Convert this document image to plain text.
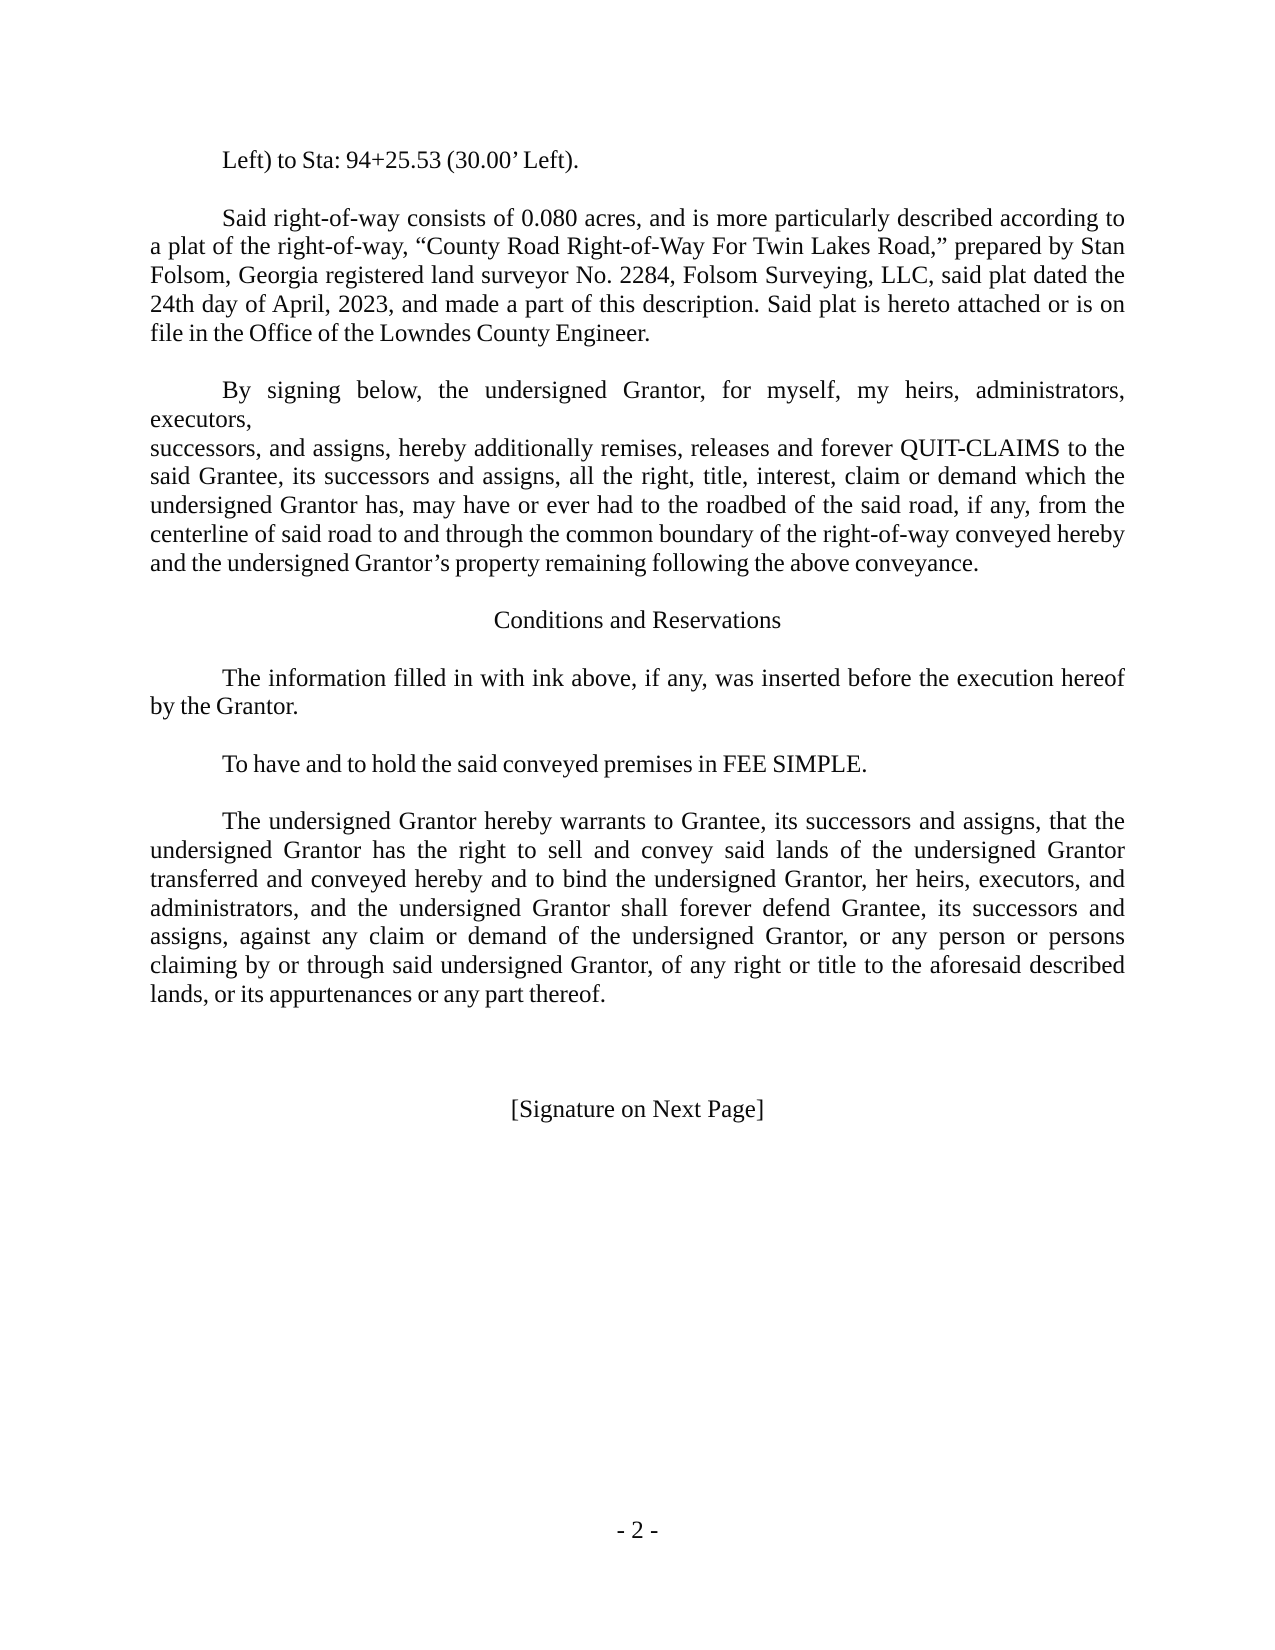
Left) to Sta: 94+25.53 (30.00’ Left).
Said right-of-way consists of 0.080 acres, and is more particularly described according to
a plat of the right-of-way, “County Road Right-of-Way For Twin Lakes Road,” prepared by Stan
Folsom, Georgia registered land surveyor No. 2284, Folsom Surveying, LLC, said plat dated the
24th day of April, 2023, and made a part of this description. Said plat is hereto attached or is on
file in the Office of the Lowndes County Engineer.
By signing below, the undersigned Grantor, for myself, my heirs, administrators, executors,
successors, and assigns, hereby additionally remises, releases and forever QUIT-CLAIMS to the
said Grantee, its successors and assigns, all the right, title, interest, claim or demand which the
undersigned Grantor has, may have or ever had to the roadbed of the said road, if any, from the
centerline of said road to and through the common boundary of the right-of-way conveyed hereby
and the undersigned Grantor’s property remaining following the above conveyance.
Conditions and Reservations
The information filled in with ink above, if any, was inserted before the execution hereof
by the Grantor.
To have and to hold the said conveyed premises in FEE SIMPLE.
The undersigned Grantor hereby warrants to Grantee, its successors and assigns, that the
undersigned Grantor has the right to sell and convey said lands of the undersigned Grantor
transferred and conveyed hereby and to bind the undersigned Grantor, her heirs, executors, and
administrators, and the undersigned Grantor shall forever defend Grantee, its successors and
assigns, against any claim or demand of the undersigned Grantor, or any person or persons
claiming by or through said undersigned Grantor, of any right or title to the aforesaid described
lands, or its appurtenances or any part thereof.
[Signature on Next Page]
- 2 -
